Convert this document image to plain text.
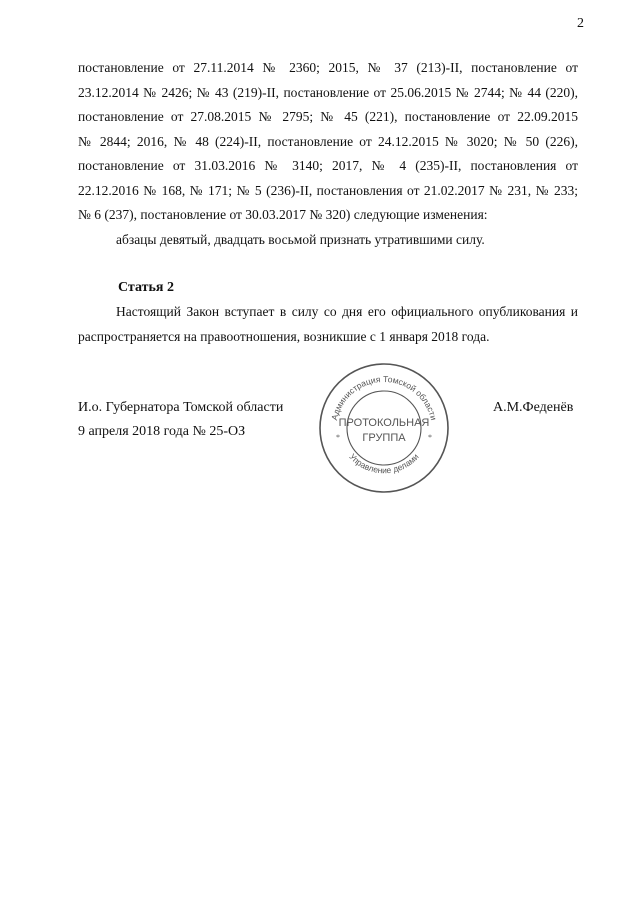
2
постановление от 27.11.2014 № 2360; 2015, № 37 (213)-II, постановление от
23.12.2014 № 2426; № 43 (219)-II, постановление от 25.06.2015 № 2744; № 44 (220),
постановление от 27.08.2015 № 2795; № 45 (221), постановление от 22.09.2015
№ 2844; 2016, № 48 (224)-II, постановление от 24.12.2015 № 3020; № 50 (226),
постановление от 31.03.2016 № 3140; 2017, № 4 (235)-II, постановления от
22.12.2016 № 168, № 171; № 5 (236)-II, постановления от 21.02.2017 № 231, № 233;
№ 6 (237), постановление от 30.03.2017 № 320) следующие изменения:
абзацы девятый, двадцать восьмой признать утратившими силу.
Статья 2
Настоящий Закон вступает в силу со дня его официального опубликования и
распространяется на правоотношения, возникшие с 1 января 2018 года.
И.о. Губернатора Томской области
9 апреля 2018 года № 25-ОЗ
А.М.Феденёв
Администрация Томской области
Управление делами
ПРОТОКОЛЬНАЯ
ГРУППА
*	*
